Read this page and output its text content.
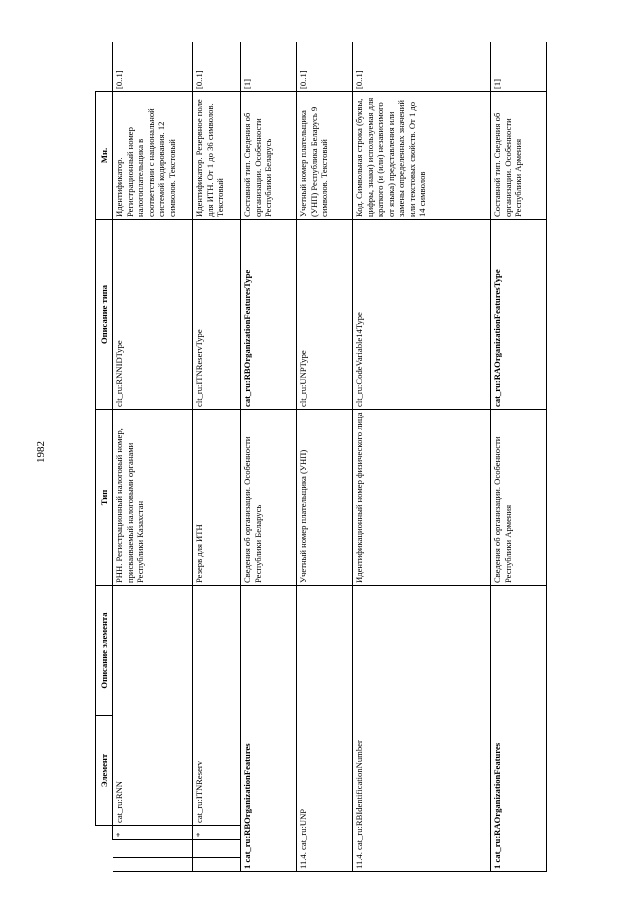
1982
			Элемент	Описание элемента	Тип	Описание типа	Мн.	
		*	cat_ru:RNN		РНН. Регистрационный налоговый номер, присваиваемый налоговыми органами Республики Казахстан	clt_ru:RNNIDType	Идентификатор. Регистрационный номер налогоплательщика в соответствии с национальной системой кодирования. 12 символов. Текстовый	[0..1]
		*	cat_ru:ITNReserv		Резерв для ИТН	clt_ru:ITNReservType	Идентификатор. Резервное поле для ИТН. От 1 до 36 символов. Текстовый	[0..1]
1 cat_ru:RBOrganizationFeatures					Сведения об организации. Особенности Республики Беларусь	cat_ru:RBOrganizationFeaturesType	Составной тип. Сведения об организации. Особенности Республики Беларусь	[1]
11.4. cat_ru:UNP					Учетный номер плательщика (УНП)	clt_ru:UNPType	Учетный номер плательщика (УНП) Республика Беларусь 9 символов. Текстовый	[0..1]
11.4. cat_ru:RBIdentificationNumber					Идентификационный номер физического лица	clt_ru:CodeVariable14Type	Код. Символьная строка (буквы, цифры, знаки) используемая для краткого (и (или) независимого от языка) представления или замены определенных значений или текстовых свойств. От 1 до 14 символов	[0..1]
1 cat_ru:RAOrganizationFeatures					Сведения об организации. Особенности Республики Армения	cat_ru:RAOrganizationFeaturesType	Составной тип. Сведения об организации. Особенности Республики Армения	[1]
